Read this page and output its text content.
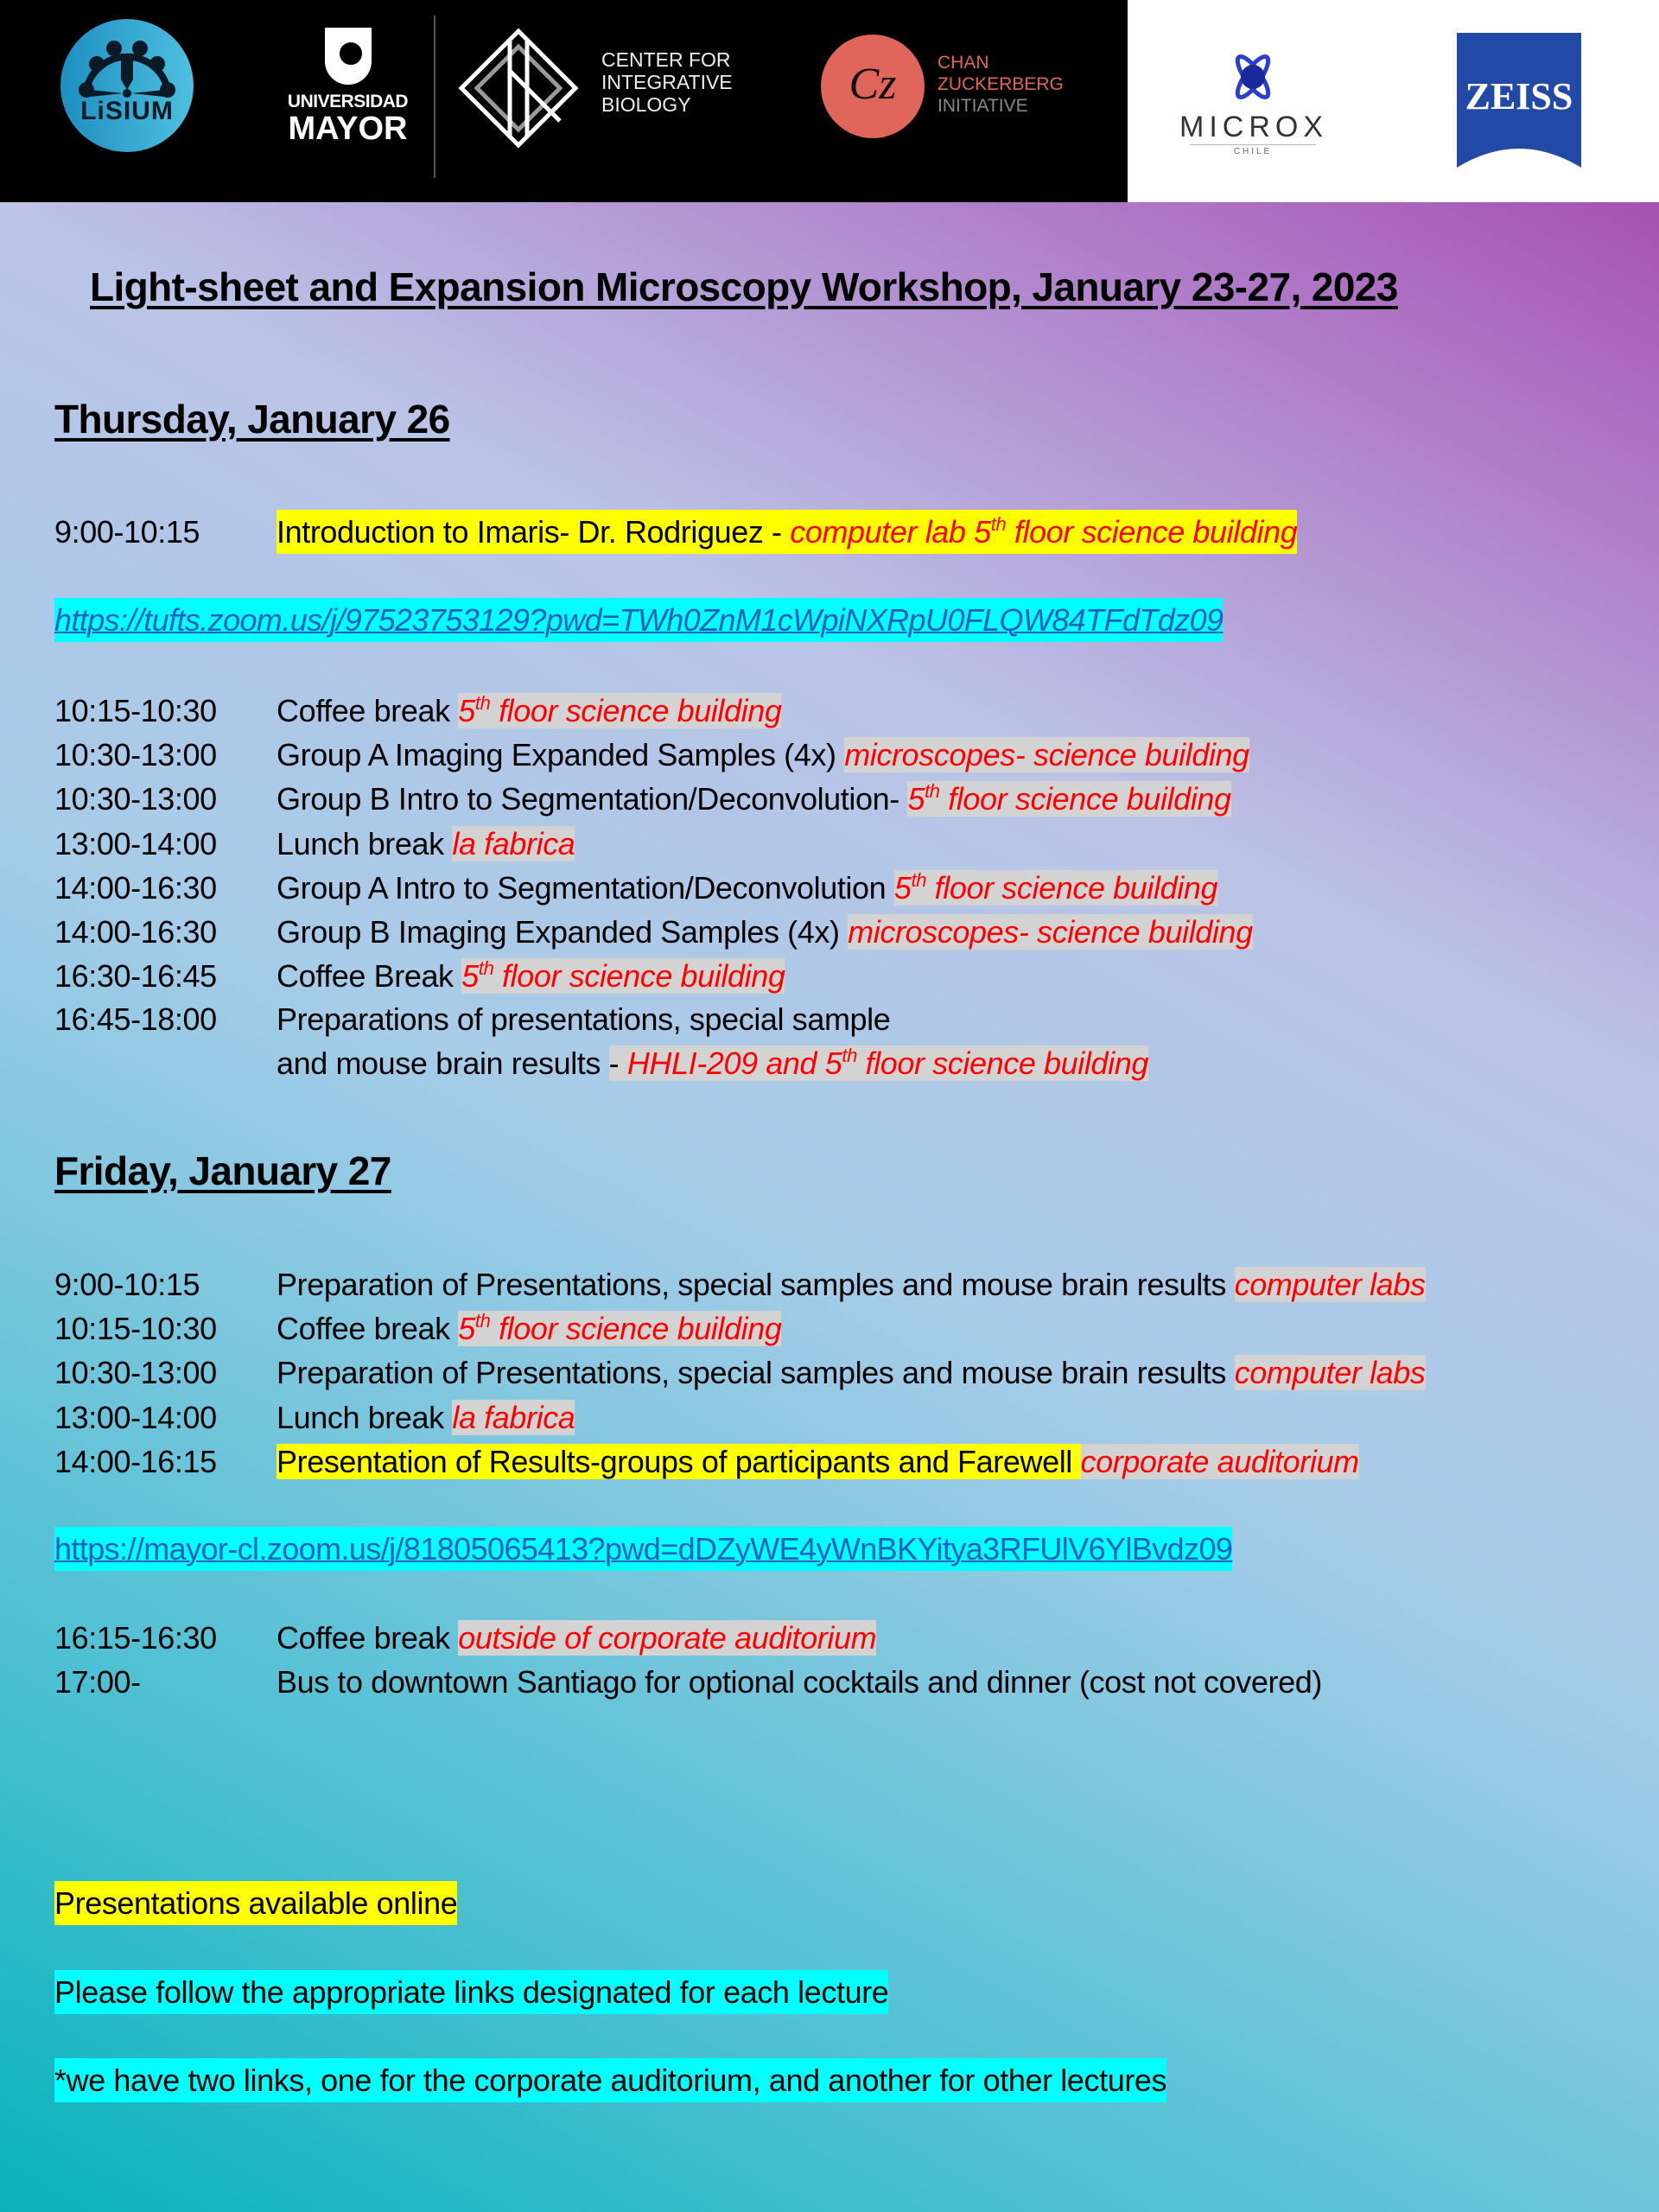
LiSIUM	UNIVERSIDAD
MAYOR
CENTER FOR
INTEGRATIVE
BIOLOGY	Cz	CHAN
ZUCKERBERG
INITIATIVE
MICROX
CHILE
ZEISS
Light-sheet and Expansion Microscopy Workshop, January 23-27, 2023
Thursday, January 26
9:00-10:15	Introduction to Imaris- Dr. Rodriguez - computer lab 5th floor science building
https://tufts.zoom.us/j/97523753129?pwd=TWh0ZnM1cWpiNXRpU0FLQW84TFdTdz09
10:15-10:30	Coffee break 5th floor science building
10:30-13:00	Group A Imaging Expanded Samples (4x) microscopes- science building
10:30-13:00	Group B Intro to Segmentation/Deconvolution- 5th floor science building
13:00-14:00	Lunch break la fabrica
14:00-16:30	Group A Intro to Segmentation/Deconvolution 5th floor science building
14:00-16:30	Group B Imaging Expanded Samples (4x) microscopes- science building
16:30-16:45	Coffee Break 5th floor science building
16:45-18:00	Preparations of presentations, special sample
and mouse brain results - HHLI-209 and 5th floor science building
Friday, January 27
9:00-10:15	Preparation of Presentations, special samples and mouse brain results computer labs
10:15-10:30	Coffee break 5th floor science building
10:30-13:00	Preparation of Presentations, special samples and mouse brain results computer labs
13:00-14:00	Lunch break la fabrica
14:00-16:15	Presentation of Results-groups of participants and Farewell corporate auditorium
https://mayor-cl.zoom.us/j/81805065413?pwd=dDZyWE4yWnBKYitya3RFUlV6YlBvdz09
16:15-16:30	Coffee break outside of corporate auditorium
17:00-	Bus to downtown Santiago for optional cocktails and dinner (cost not covered)
Presentations available online
Please follow the appropriate links designated for each lecture
*we have two links, one for the corporate auditorium, and another for other lectures
